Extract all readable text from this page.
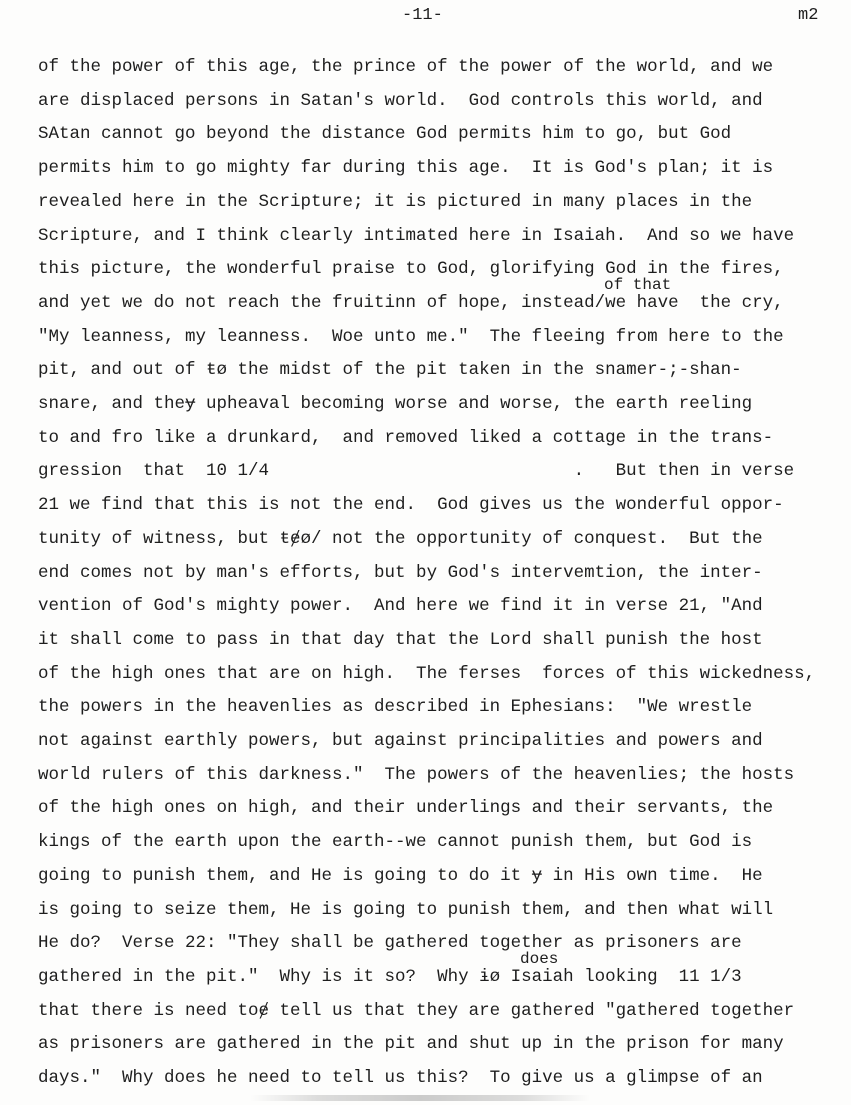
-11-	m2
of that
does
of the power of this age, the prince of the power of the world, and we
are displaced persons in Satan's world.  God controls this world, and
SAtan cannot go beyond the distance God permits him to go, but God
permits him to go mighty far during this age.  It is God's plan; it is
revealed here in the Scripture; it is pictured in many places in the
Scripture, and I think clearly intimated here in Isaiah.  And so we have
this picture, the wonderful praise to God, glorifying God in the fires,
and yet we do not reach the fruitinn of hope, instead/we have  the cry,
"My leanness, my leanness.  Woe unto me."  The fleeing from here to the
pit, and out of ŧø the midst of the pit taken in the snamer-;-shan-
snare, and theɏ upheaval becoming worse and worse, the earth reeling
to and fro like a drunkard,  and removed liked a cottage in the trans-
gression  that  10 1/4                             .   But then in verse
21 we find that this is not the end.  God gives us the wonderful oppor-
tunity of witness, but ŧɇø/ not the opportunity of conquest.  But the
end comes not by man's efforts, but by God's intervemtion, the inter-
vention of God's mighty power.  And here we find it in verse 21, "And
it shall come to pass in that day that the Lord shall punish the host
of the high ones that are on high.  The ferses  forces of this wickedness,
the powers in the heavenlies as described in Ephesians:  "We wrestle
not against earthly powers, but against principalities and powers and
world rulers of this darkness."  The powers of the heavenlies; the hosts
of the high ones on high, and their underlings and their servants, the
kings of the earth upon the earth--we cannot punish them, but God is
going to punish them, and He is going to do it ɏ in His own time.  He
is going to seize them, He is going to punish them, and then what will
He do?  Verse 22: "They shall be gathered together as prisoners are
gathered in the pit."  Why is it so?  Why ɨø Isaiah looking  11 1/3
that there is need toɇ tell us that they are gathered "gathered together
as prisoners are gathered in the pit and shut up in the prison for many
days."  Why does he need to tell us this?  To give us a glimpse of an
